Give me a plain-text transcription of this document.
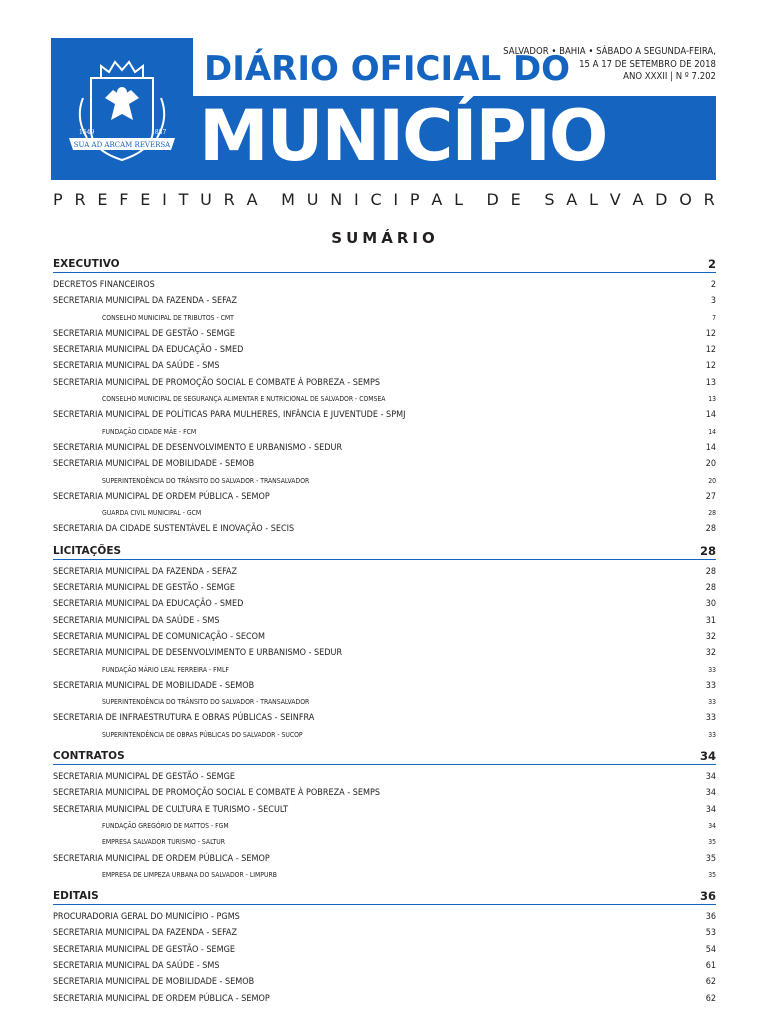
SUA AD ARCAM REVERSA
1549	1887
DIÁRIO OFICIAL DO
MUNICÍPIO
SALVADOR • BAHIA • SÁBADO A SEGUNDA-FEIRA,
15 A 17 DE SETEMBRO DE 2018
ANO XXXII | N º 7.202
P R E F E I T U R A M U N I C I P A L D E S A L V A D O R
SUMÁRIO
EXECUTIVO	2
DECRETOS FINANCEIROS	2
SECRETARIA MUNICIPAL DA FAZENDA - SEFAZ	3
CONSELHO MUNICIPAL DE TRIBUTOS - CMT	7
SECRETARIA MUNICIPAL DE GESTÃO - SEMGE	12
SECRETARIA MUNICIPAL DA EDUCAÇÃO - SMED	12
SECRETARIA MUNICIPAL DA SAÚDE - SMS	12
SECRETARIA MUNICIPAL DE PROMOÇÃO SOCIAL E COMBATE À POBREZA - SEMPS	13
CONSELHO MUNICIPAL DE SEGURANÇA ALIMENTAR E NUTRICIONAL DE SALVADOR - COMSEA	13
SECRETARIA MUNICIPAL DE POLÍTICAS PARA MULHERES, INFÂNCIA E JUVENTUDE - SPMJ	14
FUNDAÇÃO CIDADE MÃE - FCM	14
SECRETARIA MUNICIPAL DE DESENVOLVIMENTO E URBANISMO - SEDUR	14
SECRETARIA MUNICIPAL DE MOBILIDADE - SEMOB	20
SUPERINTENDÊNCIA DO TRÂNSITO DO SALVADOR - TRANSALVADOR	20
SECRETARIA MUNICIPAL DE ORDEM PÚBLICA - SEMOP	27
GUARDA CIVIL MUNICIPAL - GCM	28
SECRETARIA DA CIDADE SUSTENTÁVEL E INOVAÇÃO - SECIS	28
LICITAÇÕES	28
SECRETARIA MUNICIPAL DA FAZENDA - SEFAZ	28
SECRETARIA MUNICIPAL DE GESTÃO - SEMGE	28
SECRETARIA MUNICIPAL DA EDUCAÇÃO - SMED	30
SECRETARIA MUNICIPAL DA SAÚDE - SMS	31
SECRETARIA MUNICIPAL DE COMUNICAÇÃO - SECOM	32
SECRETARIA MUNICIPAL DE DESENVOLVIMENTO E URBANISMO - SEDUR	32
FUNDAÇÃO MÁRIO LEAL FERREIRA - FMLF	33
SECRETARIA MUNICIPAL DE MOBILIDADE - SEMOB	33
SUPERINTENDÊNCIA DO TRÂNSITO DO SALVADOR - TRANSALVADOR	33
SECRETARIA DE INFRAESTRUTURA E OBRAS PÚBLICAS - SEINFRA	33
SUPERINTENDÊNCIA DE OBRAS PÚBLICAS DO SALVADOR - SUCOP	33
CONTRATOS	34
SECRETARIA MUNICIPAL DE GESTÃO - SEMGE	34
SECRETARIA MUNICIPAL DE PROMOÇÃO SOCIAL E COMBATE À POBREZA - SEMPS	34
SECRETARIA MUNICIPAL DE CULTURA E TURISMO - SECULT	34
FUNDAÇÃO GREGÓRIO DE MATTOS - FGM	34
EMPRESA SALVADOR TURISMO - SALTUR	35
SECRETARIA MUNICIPAL DE ORDEM PÚBLICA - SEMOP	35
EMPRESA DE LIMPEZA URBANA DO SALVADOR - LIMPURB	35
EDITAIS	36
PROCURADORIA GERAL DO MUNICÍPIO - PGMS	36
SECRETARIA MUNICIPAL DA FAZENDA - SEFAZ	53
SECRETARIA MUNICIPAL DE GESTÃO - SEMGE	54
SECRETARIA MUNICIPAL DA SAÚDE - SMS	61
SECRETARIA MUNICIPAL DE MOBILIDADE - SEMOB	62
SECRETARIA MUNICIPAL DE ORDEM PÚBLICA - SEMOP	62
